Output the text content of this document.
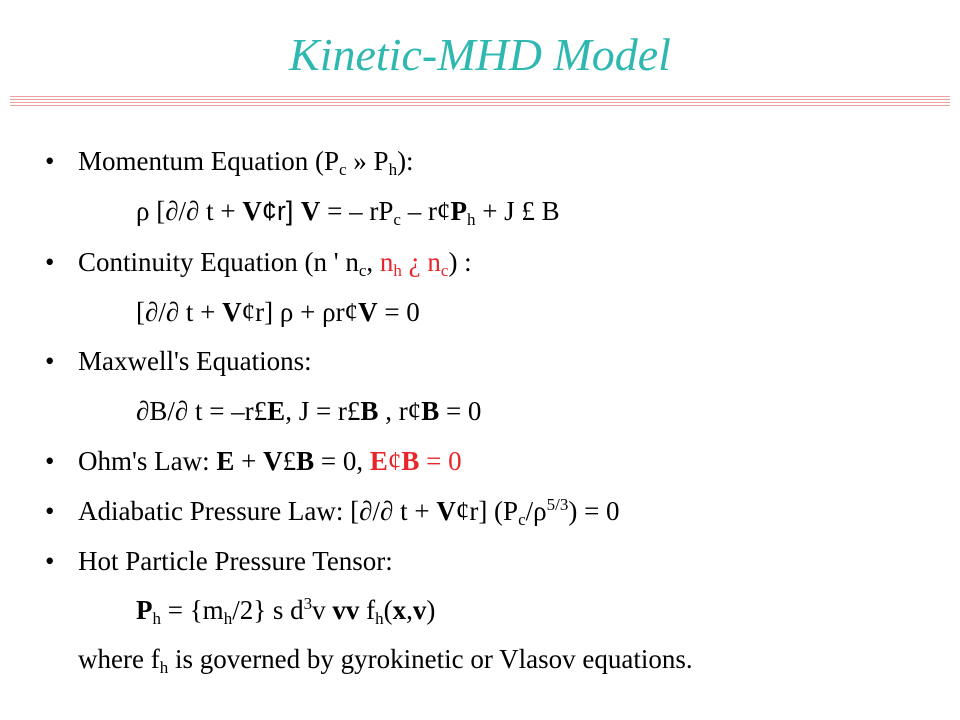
Kinetic-MHD Model
• Momentum Equation ($P_c$ » $P_h$):
ρ [∂/∂ t + V¢r] V = – $rP_c$ – $r¢P_h + J$ £ B
• Continuity Equation (n ' $n_c$, $n_h$ ¿ $n_c$) :
[∂/∂ t + V¢r] ρ + ρr¢V = 0
• Maxwell's Equations:
∂B/∂ t = –r£E, J = r£B , r¢B = 0
• Ohm's Law: E + V£B = 0, E¢B = 0
• Adiabatic Pressure Law: [∂/∂ t + V¢r] $(P_c/\rho^{5/3}) = 0$
• Hot Particle Pressure Tensor:
$P_h = \{m_h/2\}$ s $d^3v$ vv $f_h(x,v)$
where $f_h$ is governed by gyrokinetic or Vlasov equations.
